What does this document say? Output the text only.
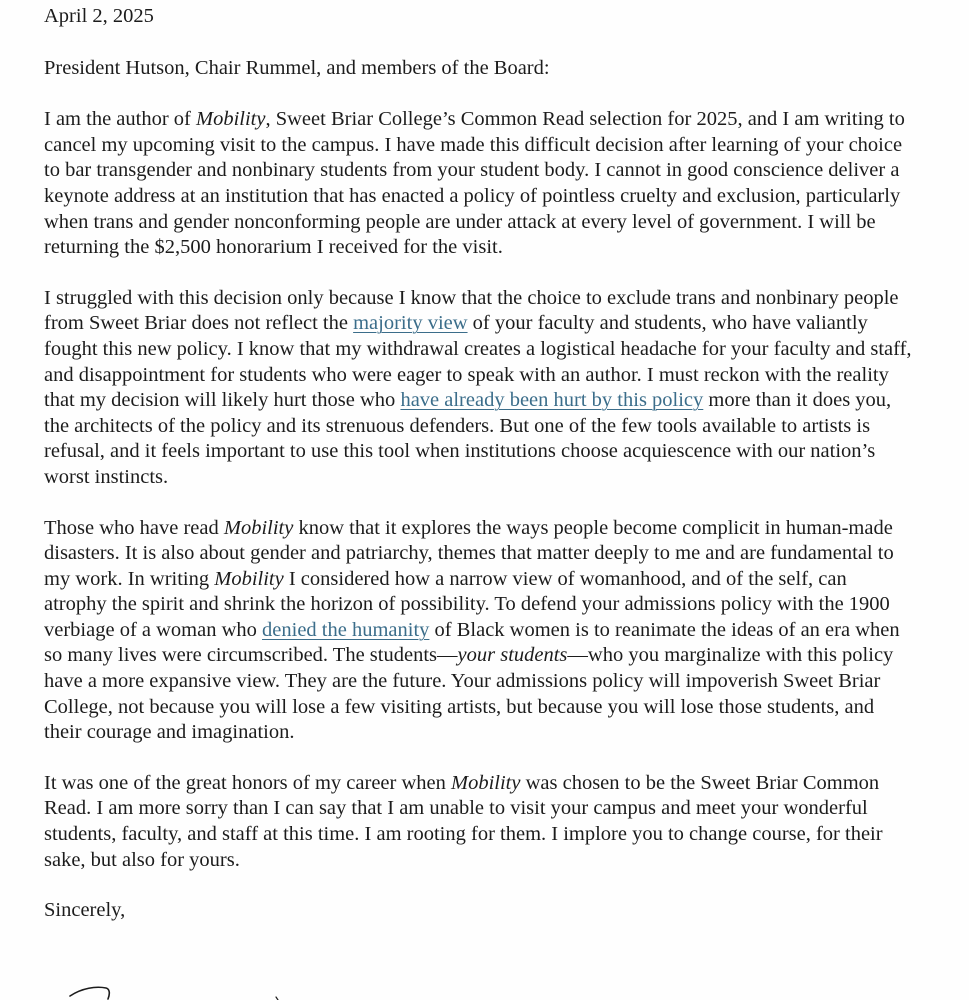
April 2, 2025

President Hutson, Chair Rummel, and members of the Board:

I am the author of Mobility, Sweet Briar College’s Common Read selection for 2025, and I am writing to cancel my upcoming visit to the campus. I have made this difficult decision after learning of your choice to bar transgender and nonbinary students from your student body. I cannot in good conscience deliver a keynote address at an institution that has enacted a policy of pointless cruelty and exclusion, particularly when trans and gender nonconforming people are under attack at every level of government. I will be returning the $2,500 honorarium I received for the visit.

I struggled with this decision only because I know that the choice to exclude trans and nonbinary people from Sweet Briar does not reflect the majority view of your faculty and students, who have valiantly fought this new policy. I know that my withdrawal creates a logistical headache for your faculty and staff, and disappointment for students who were eager to speak with an author. I must reckon with the reality that my decision will likely hurt those who have already been hurt by this policy more than it does you, the architects of the policy and its strenuous defenders. But one of the few tools available to artists is refusal, and it feels important to use this tool when institutions choose acquiescence with our nation’s worst instincts.

Those who have read Mobility know that it explores the ways people become complicit in human-made disasters. It is also about gender and patriarchy, themes that matter deeply to me and are fundamental to my work. In writing Mobility I considered how a narrow view of womanhood, and of the self, can atrophy the spirit and shrink the horizon of possibility. To defend your admissions policy with the 1900 verbiage of a woman who denied the humanity of Black women is to reanimate the ideas of an era when so many lives were circumscribed. The students—your students—who you marginalize with this policy have a more expansive view. They are the future. Your admissions policy will impoverish Sweet Briar College, not because you will lose a few visiting artists, but because you will lose those students, and their courage and imagination.

It was one of the great honors of my career when Mobility was chosen to be the Sweet Briar Common Read. I am more sorry than I can say that I am unable to visit your campus and meet your wonderful students, faculty, and staff at this time. I am rooting for them. I implore you to change course, for their sake, but also for yours.

Sincerely,
